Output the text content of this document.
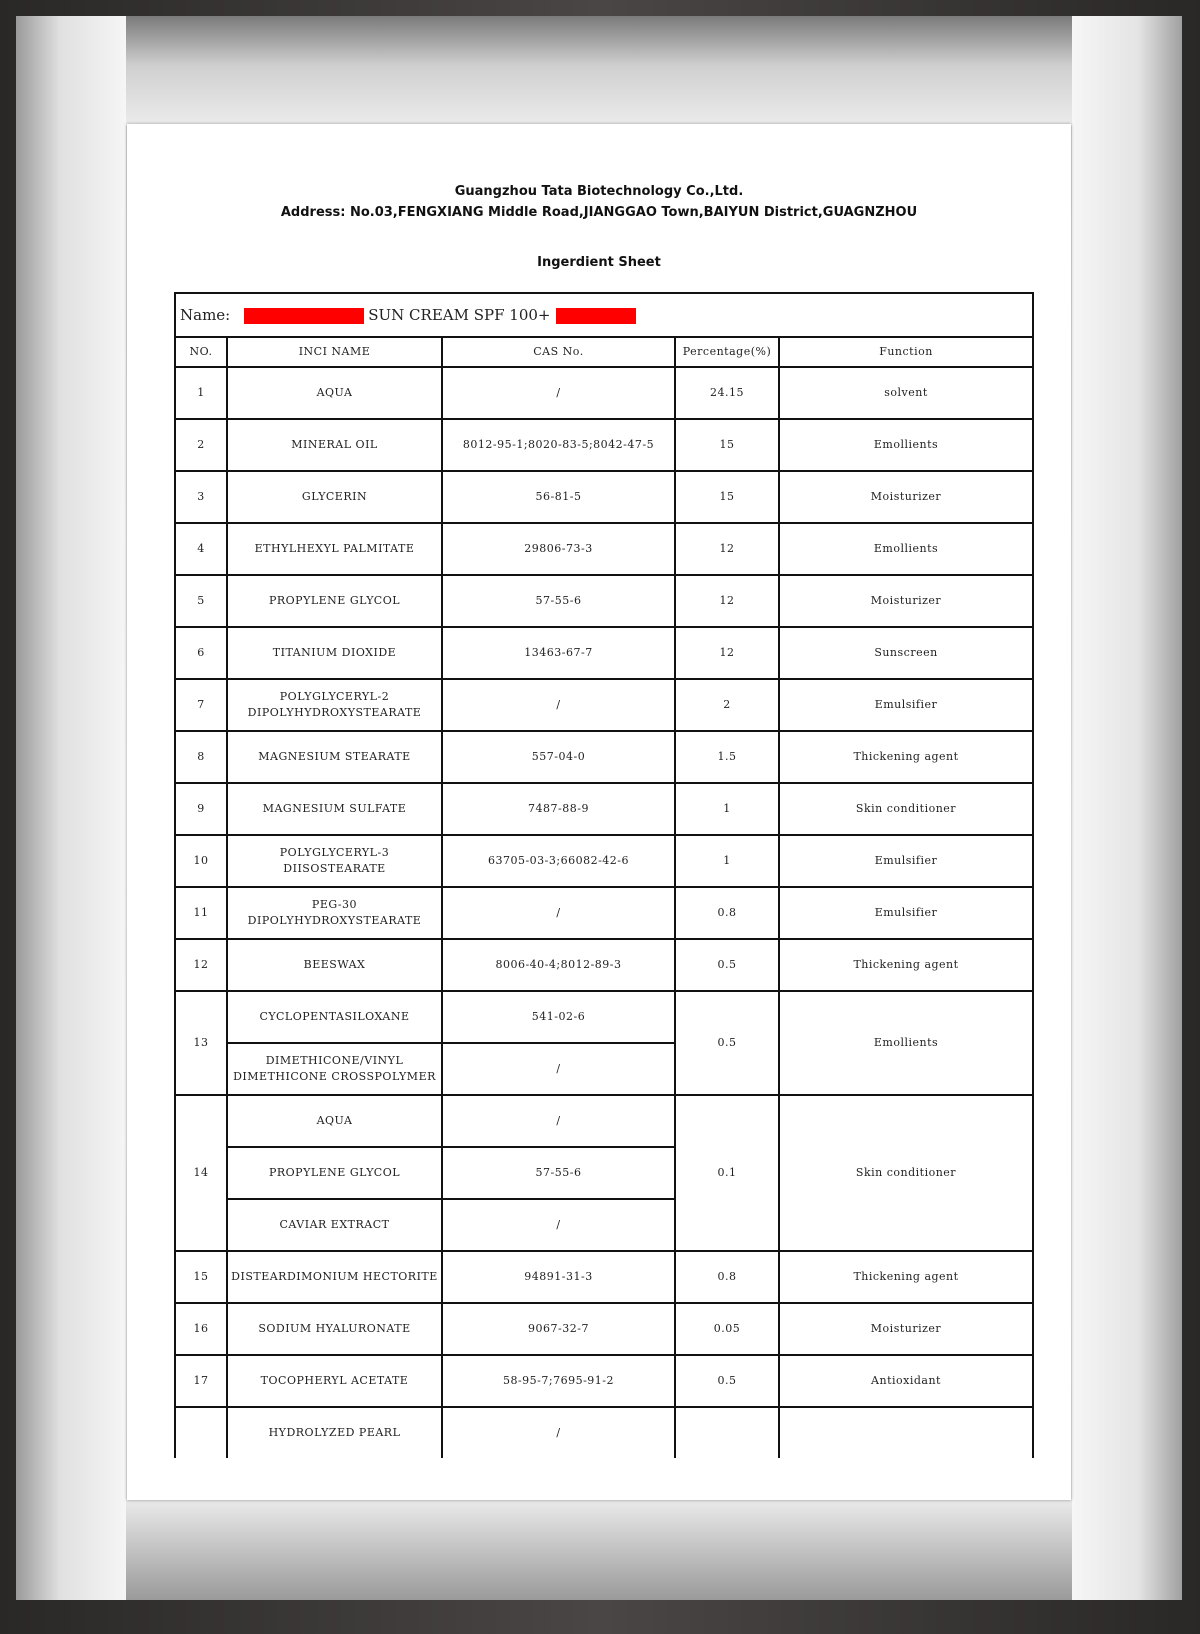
Guangzhou Tata Biotechnology Co.,Ltd.
Address: No.03,FENGXIANG Middle Road,JIANGGAO Town,BAIYUN District,GUAGNZHOU
Ingerdient Sheet
Name: SUN CREAM SPF 100+				
NO.	INCI NAME	CAS No.	Percentage(%)	Function
1	AQUA	/	24.15	solvent
2	MINERAL OIL	8012-95-1;8020-83-5;8042-47-5	15	Emollients
3	GLYCERIN	56-81-5	15	Moisturizer
4	ETHYLHEXYL PALMITATE	29806-73-3	12	Emollients
5	PROPYLENE GLYCOL	57-55-6	12	Moisturizer
6	TITANIUM DIOXIDE	13463-67-7	12	Sunscreen
7	POLYGLYCERYL-2 DIPOLYHYDROXYSTEARATE	/	2	Emulsifier
8	MAGNESIUM STEARATE	557-04-0	1.5	Thickening agent
9	MAGNESIUM SULFATE	7487-88-9	1	Skin conditioner
10	POLYGLYCERYL-3 DIISOSTEARATE	63705-03-3;66082-42-6	1	Emulsifier
11	PEG-30 DIPOLYHYDROXYSTEARATE	/	0.8	Emulsifier
12	BEESWAX	8006-40-4;8012-89-3	0.5	Thickening agent
13	CYCLOPENTASILOXANE	541-02-6	0.5	Emollients
	DIMETHICONE/VINYL DIMETHICONE CROSSPOLYMER	/		
14	AQUA	/	0.1	Skin conditioner
	PROPYLENE GLYCOL	57-55-6		
	CAVIAR EXTRACT	/		
15	DISTEARDIMONIUM HECTORITE	94891-31-3	0.8	Thickening agent
16	SODIUM HYALURONATE	9067-32-7	0.05	Moisturizer
17	TOCOPHERYL ACETATE	58-95-7;7695-91-2	0.5	Antioxidant
	HYDROLYZED PEARL	/		
